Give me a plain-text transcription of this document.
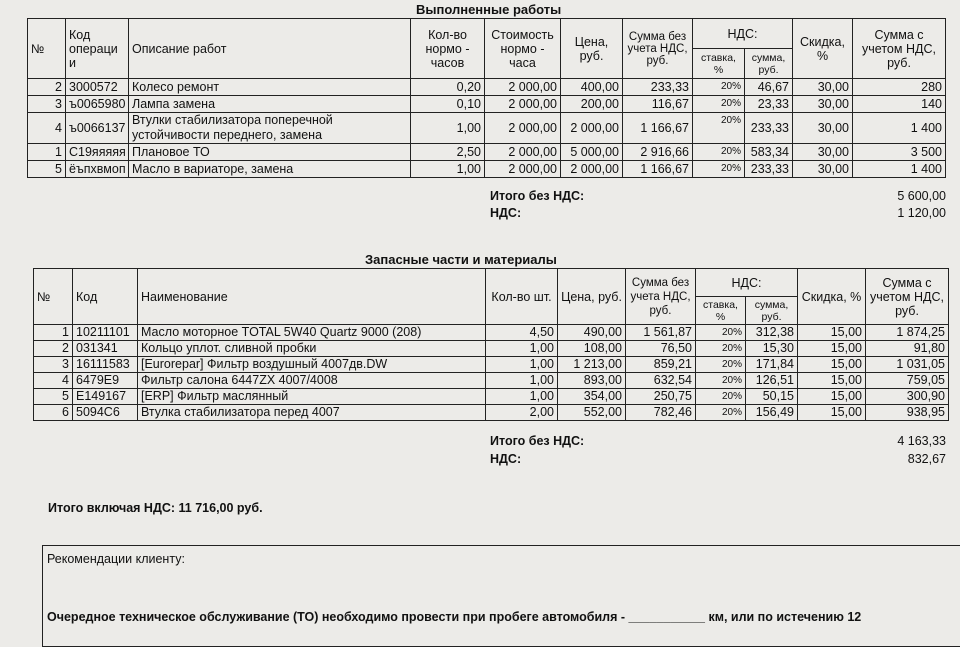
Выполненные работы
№	Код операци и	Описание работ	Кол-во нормо - часов	Стоимость нормо - часа	Цена, руб.	Сумма без учета НДС, руб.	НДС:		Скидка, %	Сумма с учетом НДС, руб.
							ставка, %	сумма, руб.		
2	3000572	Колесо ремонт	0,20	2 000,00	400,00	233,33	20%	46,67	30,00	280
3	ъ0065980	Лампа замена	0,10	2 000,00	200,00	116,67	20%	23,33	30,00	140
4	ъ0066137	Втулки стабилизатора поперечной устойчивости переднего, замена	1,00	2 000,00	2 000,00	1 166,67	20%	233,33	30,00	1 400
1	C19яяяяя	Плановое ТО	2,50	2 000,00	5 000,00	2 916,66	20%	583,34	30,00	3 500
5	ёъпхвмоп	Масло в вариаторе, замена	1,00	2 000,00	2 000,00	1 166,67	20%	233,33	30,00	1 400
Итого без НДС:	5 600,00
НДС:	1 120,00
Запасные части и материалы
№	Код	Наименование	Кол-во шт.	Цена, руб.	Сумма без учета НДС, руб.	НДС:		Скидка, %	Сумма с учетом НДС, руб.
						ставка, %	сумма, руб.		
1	10211101	Масло моторное TOTAL 5W40 Quartz 9000 (208)	4,50	490,00	1 561,87	20%	312,38	15,00	1 874,25
2	031341	Кольцо уплот. сливной пробки	1,00	108,00	76,50	20%	15,30	15,00	91,80
3	16111583	[Eurorepar] Фильтр воздушный 4007дв.DW	1,00	1 213,00	859,21	20%	171,84	15,00	1 031,05
4	6479E9	Фильтр салона 6447ZX 4007/4008	1,00	893,00	632,54	20%	126,51	15,00	759,05
5	E149167	[ERP] Фильтр маслянный	1,00	354,00	250,75	20%	50,15	15,00	300,90
6	5094C6	Втулка стабилизатора перед 4007	2,00	552,00	782,46	20%	156,49	15,00	938,95
Итого без НДС:	4 163,33
НДС:	832,67
Итого включая НДС: 11 716,00 руб.
Рекомендации клиенту:
Очередное техническое обслуживание (ТО) необходимо провести при пробеге автомобиля - ___________ км, или по истечению 12
